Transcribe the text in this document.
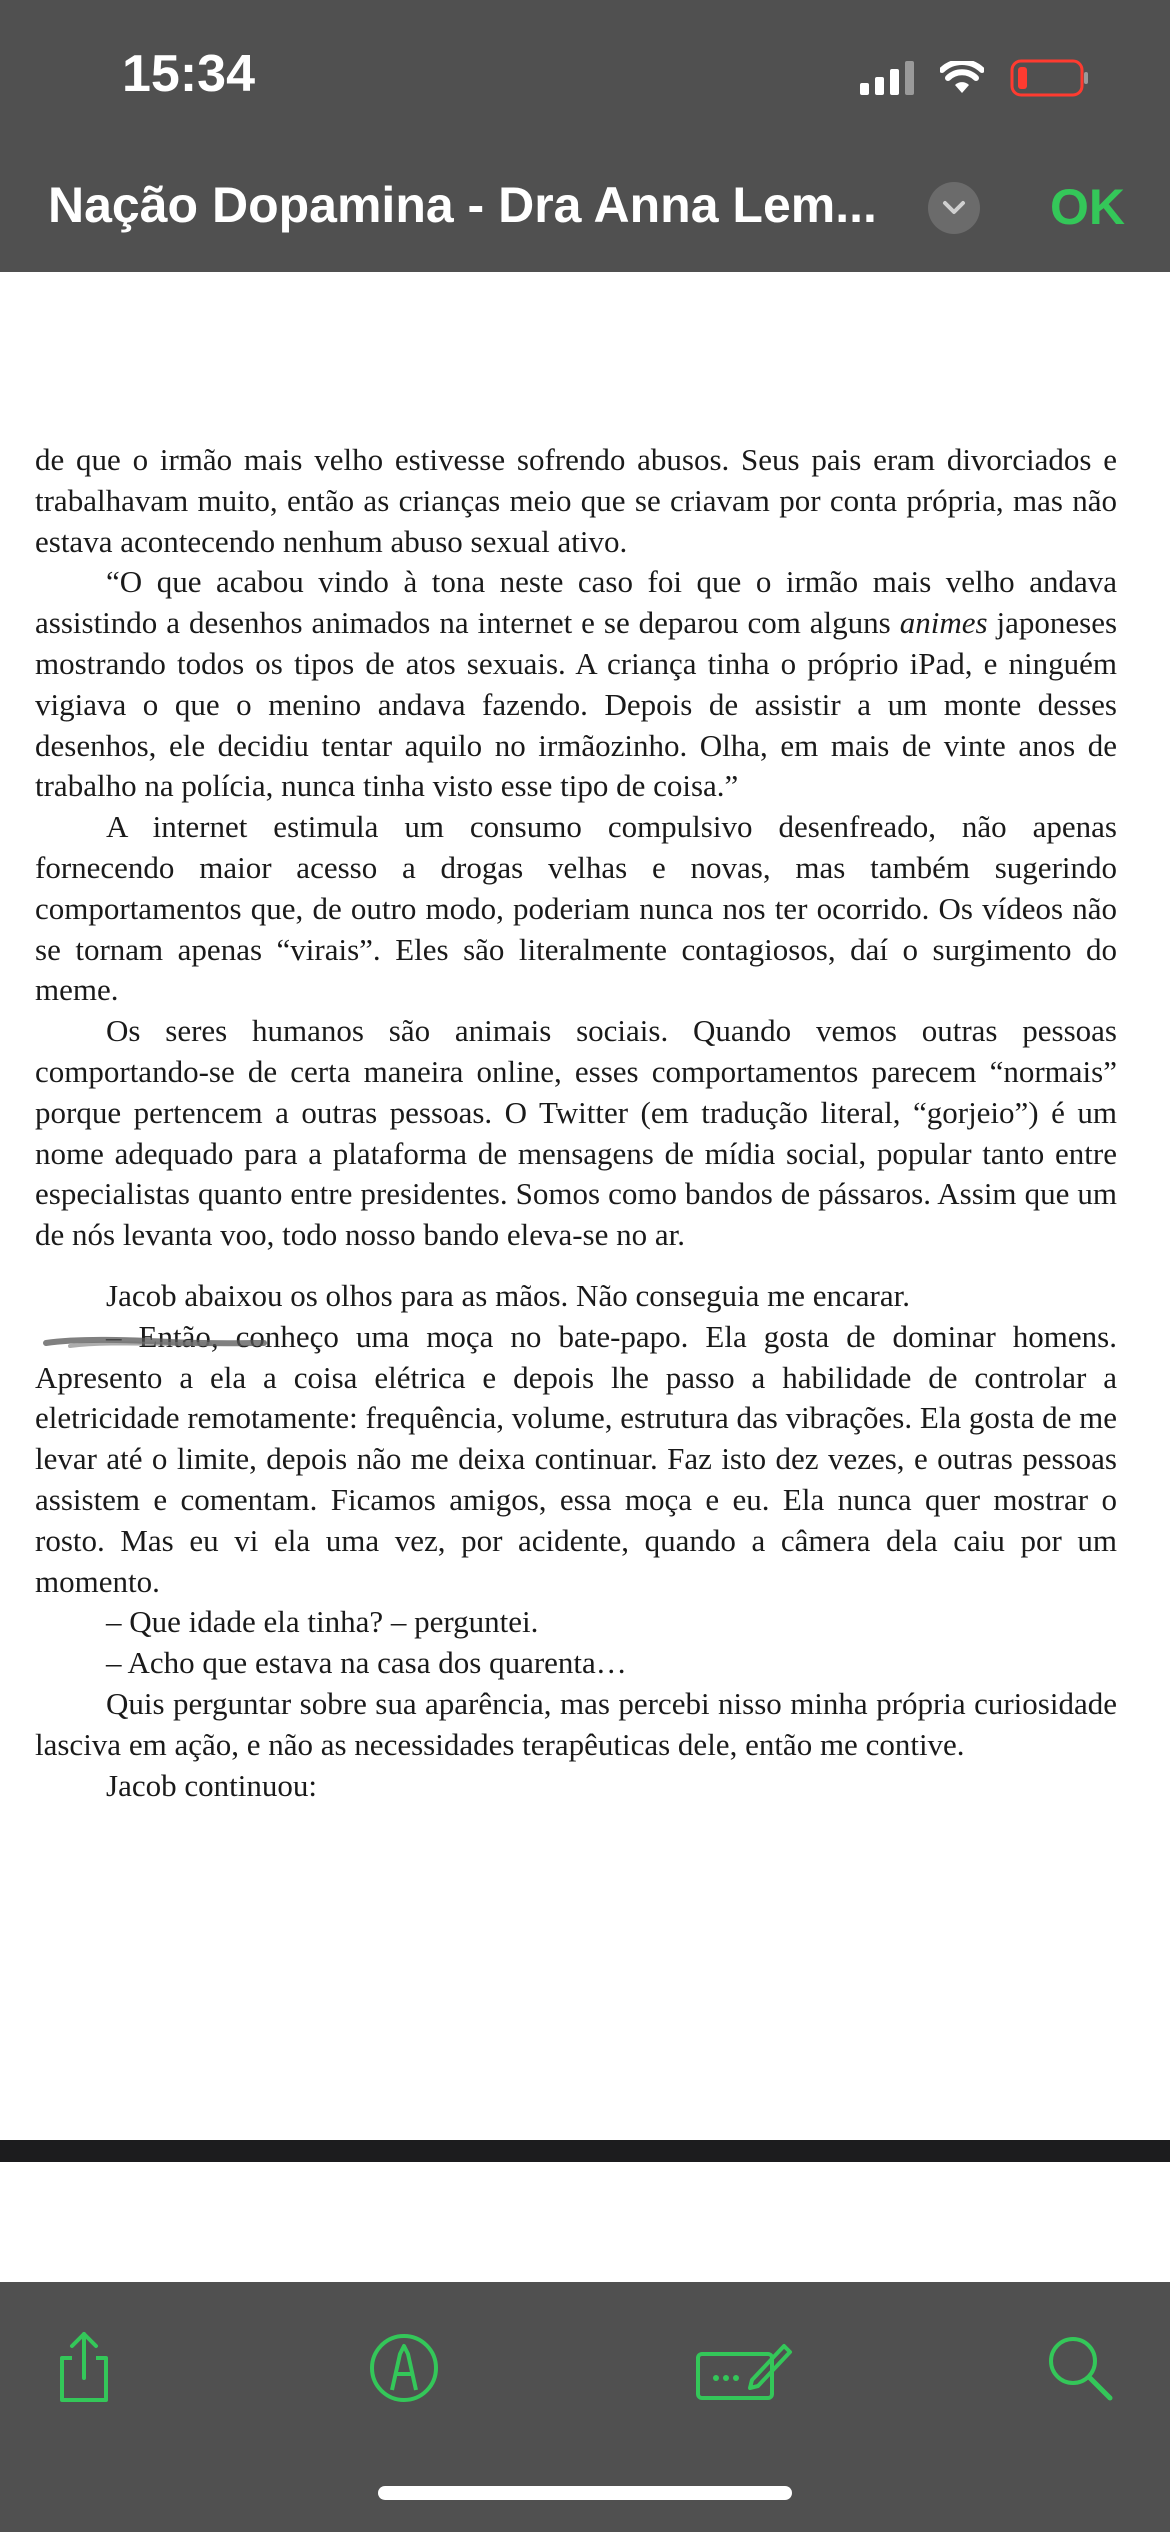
15:34
Nação Dopamina - Dra Anna Lem...	OK

de que o irmão mais velho estivesse sofrendo abusos. Seus pais eram divorciados e trabalhavam muito, então as crianças meio que se criavam por conta própria, mas não estava acontecendo nenhum abuso sexual ativo.

“O que acabou vindo à tona neste caso foi que o irmão mais velho andava assistindo a desenhos animados na internet e se deparou com alguns animes japoneses mostrando todos os tipos de atos sexuais. A criança tinha o próprio iPad, e ninguém vigiava o que o menino andava fazendo. Depois de assistir a um monte desses desenhos, ele decidiu tentar aquilo no irmãozinho. Olha, em mais de vinte anos de trabalho na polícia, nunca tinha visto esse tipo de coisa.”

A internet estimula um consumo compulsivo desenfreado, não apenas fornecendo maior acesso a drogas velhas e novas, mas também sugerindo comportamentos que, de outro modo, poderiam nunca nos ter ocorrido. Os vídeos não se tornam apenas “virais”. Eles são literalmente contagiosos, daí o surgimento do meme.

Os seres humanos são animais sociais. Quando vemos outras pessoas comportando-se de certa maneira online, esses comportamentos parecem “normais” porque pertencem a outras pessoas. O Twitter (em tradução literal, “gorjeio”) é um nome adequado para a plataforma de mensagens de mídia social, popular tanto entre especialistas quanto entre presidentes. Somos como bandos de pássaros. Assim que um de nós levanta voo, todo nosso bando eleva-se no ar.

Jacob abaixou os olhos para as mãos. Não conseguia me encarar.

– Então, conheço uma moça no bate-papo. Ela gosta de dominar homens. Apresento a ela a coisa elétrica e depois lhe passo a habilidade de controlar a eletricidade remotamente: frequência, volume, estrutura das vibrações. Ela gosta de me levar até o limite, depois não me deixa continuar. Faz isto dez vezes, e outras pessoas assistem e comentam. Ficamos amigos, essa moça e eu. Ela nunca quer mostrar o rosto. Mas eu vi ela uma vez, por acidente, quando a câmera dela caiu por um momento.

– Que idade ela tinha? – perguntei.

– Acho que estava na casa dos quarenta…

Quis perguntar sobre sua aparência, mas percebi nisso minha própria curiosidade lasciva em ação, e não as necessidades terapêuticas dele, então me contive.

Jacob continuou:
